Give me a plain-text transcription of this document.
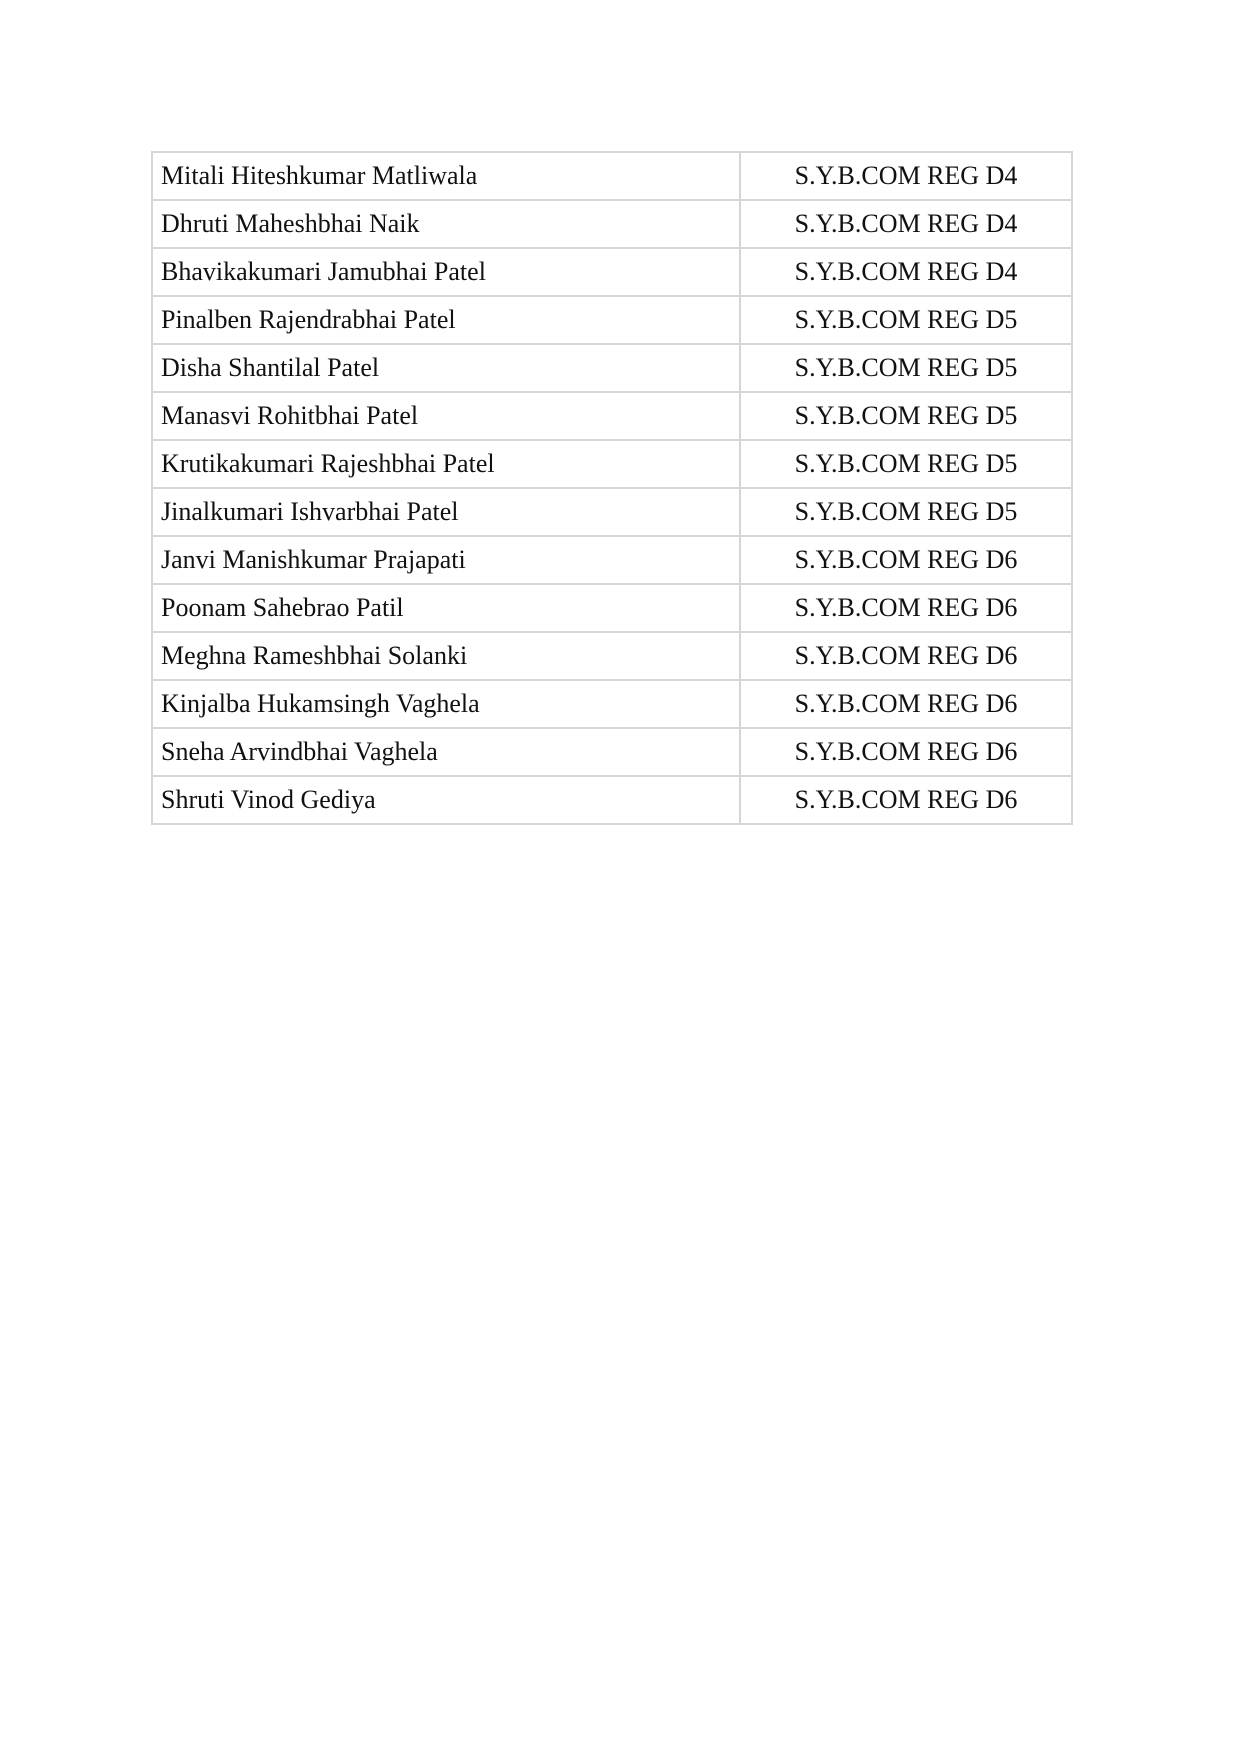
Mitali Hiteshkumar Matliwala	S.Y.B.COM REG D4
Dhruti Maheshbhai Naik	S.Y.B.COM REG D4
Bhavikakumari Jamubhai Patel	S.Y.B.COM REG D4
Pinalben Rajendrabhai Patel	S.Y.B.COM REG D5
Disha Shantilal Patel	S.Y.B.COM REG D5
Manasvi Rohitbhai Patel	S.Y.B.COM REG D5
Krutikakumari Rajeshbhai Patel	S.Y.B.COM REG D5
Jinalkumari Ishvarbhai Patel	S.Y.B.COM REG D5
Janvi Manishkumar Prajapati	S.Y.B.COM REG D6
Poonam Sahebrao Patil	S.Y.B.COM REG D6
Meghna Rameshbhai Solanki	S.Y.B.COM REG D6
Kinjalba Hukamsingh Vaghela	S.Y.B.COM REG D6
Sneha Arvindbhai Vaghela	S.Y.B.COM REG D6
Shruti Vinod Gediya	S.Y.B.COM REG D6
